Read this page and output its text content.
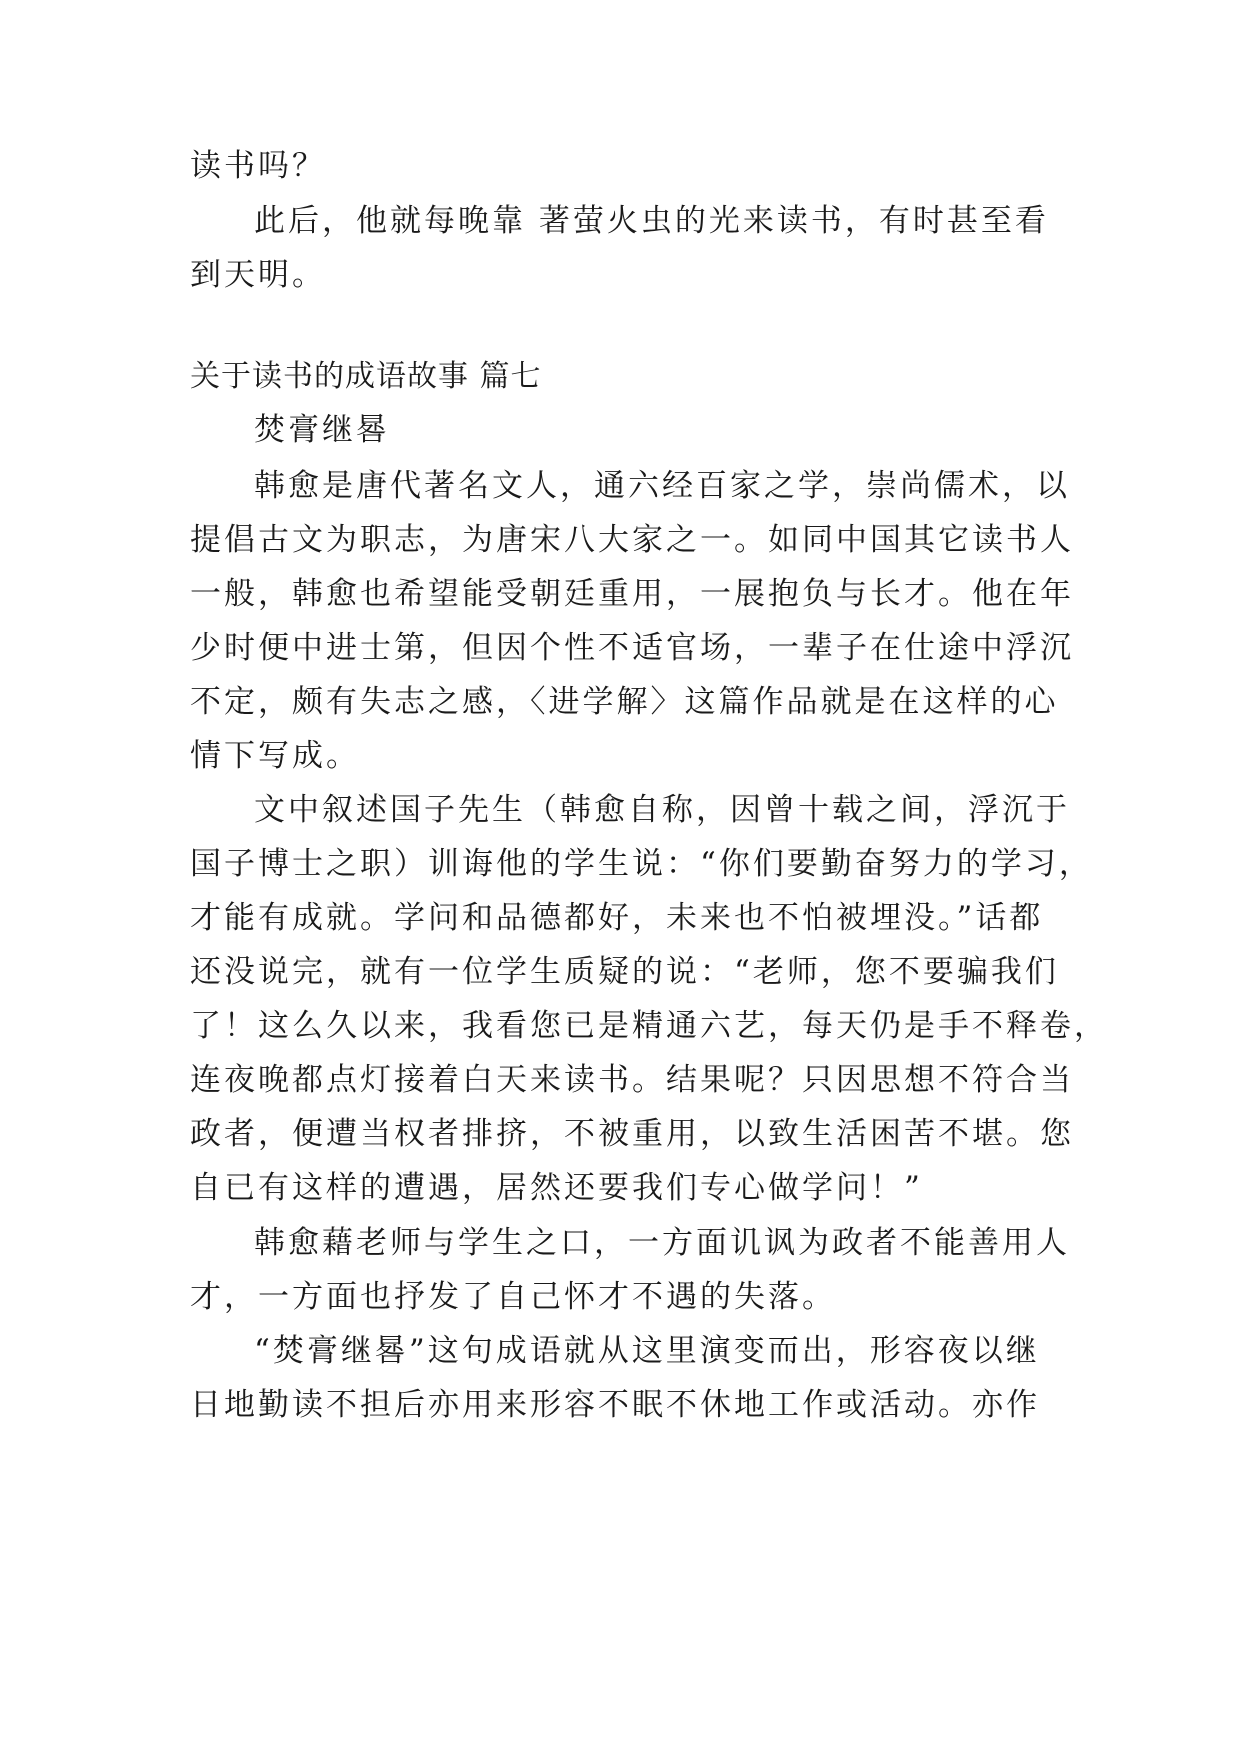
读书吗？
此后，他就每晚靠 著萤火虫的光来读书，有时甚至看
到天明。
关于读书的成语故事 篇七
焚膏继晷
韩愈是唐代著名文人，通六经百家之学，崇尚儒术，以
提倡古文为职志，为唐宋八大家之一。如同中国其它读书人
一般，韩愈也希望能受朝廷重用，一展抱负与长才。他在年
少时便中进士第，但因个性不适官场，一辈子在仕途中浮沉
不定，颇有失志之感，〈进学解〉这篇作品就是在这样的心
情下写成。
文中叙述国子先生（韩愈自称，因曾十载之间，浮沉于
国子博士之职）训诲他的学生说：“你们要勤奋努力的学习，
才能有成就。学问和品德都好，未来也不怕被埋没。”话都
还没说完，就有一位学生质疑的说：“老师，您不要骗我们
了！这么久以来，我看您已是精通六艺，每天仍是手不释卷，
连夜晚都点灯接着白天来读书。结果呢？只因思想不符合当
政者，便遭当权者排挤，不被重用，以致生活困苦不堪。您
自已有这样的遭遇，居然还要我们专心做学问！”
韩愈藉老师与学生之口，一方面讥讽为政者不能善用人
才，一方面也抒发了自己怀才不遇的失落。
“焚膏继晷”这句成语就从这里演变而出，形容夜以继
日地勤读不担后亦用来形容不眠不休地工作或活动。亦作
